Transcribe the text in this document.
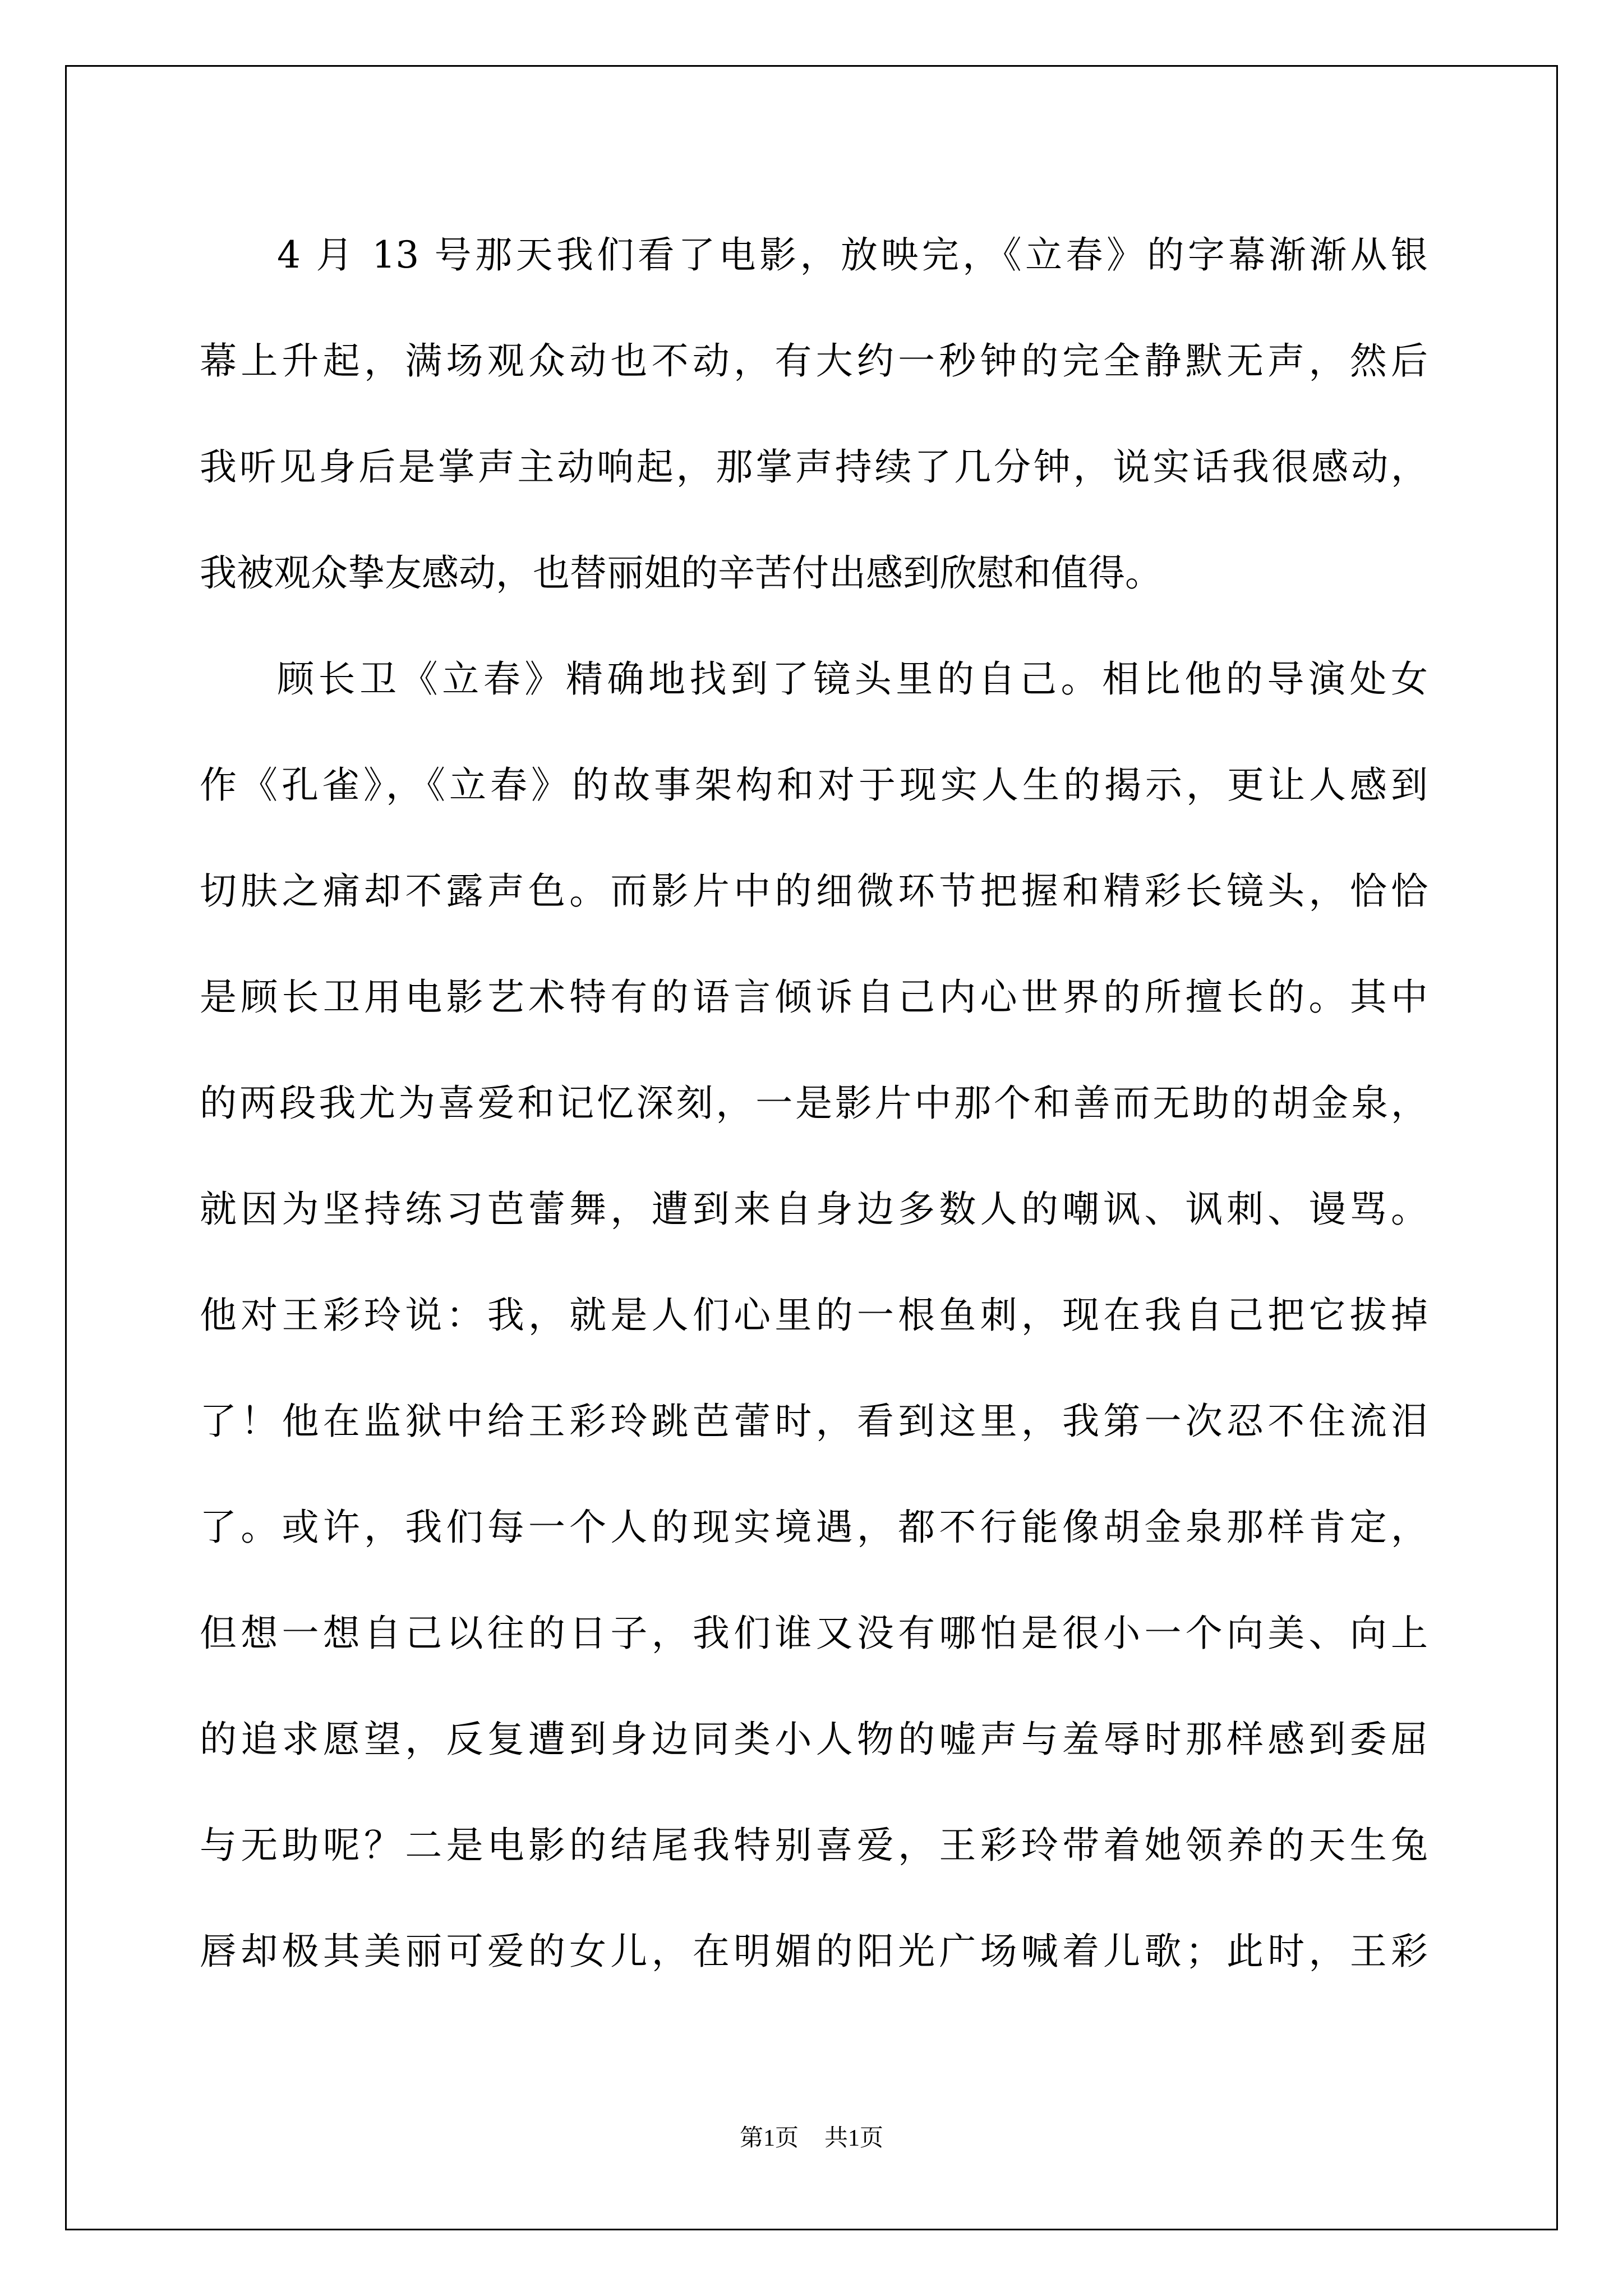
4 月 13 号那天我们看了电影，放映完，《立春》的字幕渐渐从银
幕上升起，满场观众动也不动，有大约一秒钟的完全静默无声，然后
我听见身后是掌声主动响起，那掌声持续了几分钟，说实话我很感动，
我被观众挚友感动，也替丽姐的辛苦付出感到欣慰和值得。
顾长卫《立春》精确地找到了镜头里的自己。相比他的导演处女
作《孔雀》，《立春》的故事架构和对于现实人生的揭示，更让人感到
切肤之痛却不露声色。而影片中的细微环节把握和精彩长镜头，恰恰
是顾长卫用电影艺术特有的语言倾诉自己内心世界的所擅长的。其中
的两段我尤为喜爱和记忆深刻，一是影片中那个和善而无助的胡金泉，
就因为坚持练习芭蕾舞，遭到来自身边多数人的嘲讽、讽刺、谩骂。
他对王彩玲说：我，就是人们心里的一根鱼刺，现在我自己把它拔掉
了！他在监狱中给王彩玲跳芭蕾时，看到这里，我第一次忍不住流泪
了。或许，我们每一个人的现实境遇，都不行能像胡金泉那样肯定，
但想一想自己以往的日子，我们谁又没有哪怕是很小一个向美、向上
的追求愿望，反复遭到身边同类小人物的嘘声与羞辱时那样感到委屈
与无助呢？二是电影的结尾我特别喜爱，王彩玲带着她领养的天生兔
唇却极其美丽可爱的女儿，在明媚的阳光广场喊着儿歌；此时，王彩
第1页 共1页
